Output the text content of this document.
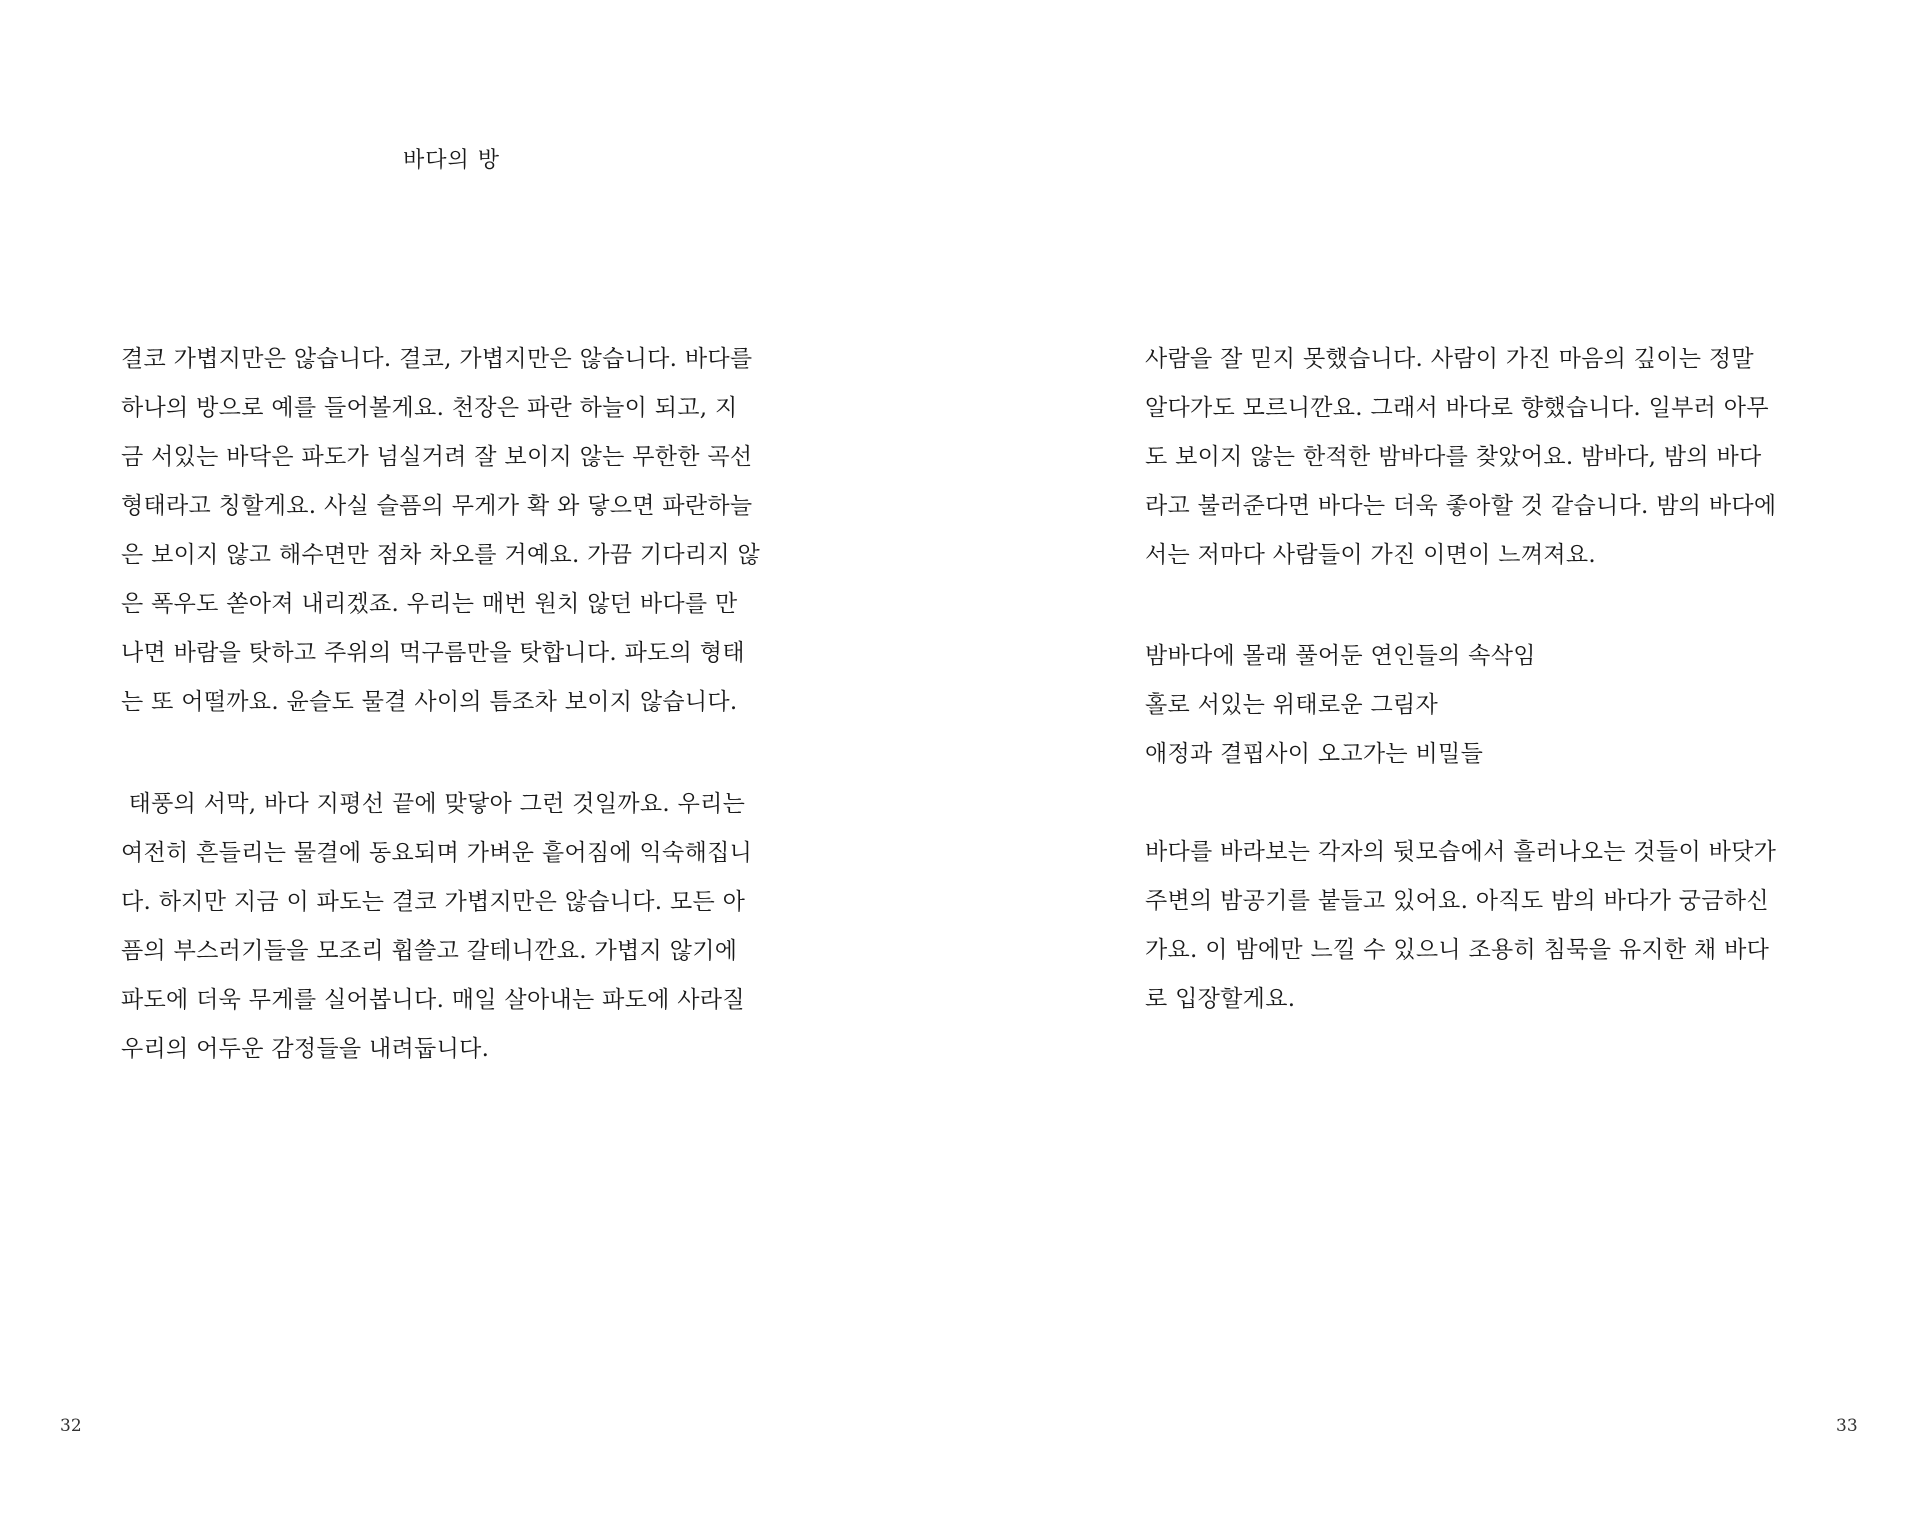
바다의 방
결코 가볍지만은 않습니다. 결코, 가볍지만은 않습니다. 바다를
하나의 방으로 예를 들어볼게요. 천장은 파란 하늘이 되고, 지
금 서있는 바닥은 파도가 넘실거려 잘 보이지 않는 무한한 곡선
형태라고 칭할게요. 사실 슬픔의 무게가 확 와 닿으면 파란하늘
은 보이지 않고 해수면만 점차 차오를 거예요. 가끔 기다리지 않
은 폭우도 쏟아져 내리겠죠. 우리는 매번 원치 않던 바다를 만
나면 바람을 탓하고 주위의 먹구름만을 탓합니다. 파도의 형태
는 또 어떨까요. 윤슬도 물결 사이의 틈조차 보이지 않습니다.
태풍의 서막, 바다 지평선 끝에 맞닿아 그런 것일까요. 우리는
여전히 흔들리는 물결에 동요되며 가벼운 흩어짐에 익숙해집니
다. 하지만 지금 이 파도는 결코 가볍지만은 않습니다. 모든 아
픔의 부스러기들을 모조리 휩쓸고 갈테니깐요. 가볍지 않기에
파도에 더욱 무게를 실어봅니다. 매일 살아내는 파도에 사라질
우리의 어두운 감정들을 내려둡니다.
32
사람을 잘 믿지 못했습니다. 사람이 가진 마음의 깊이는 정말
알다가도 모르니깐요. 그래서 바다로 향했습니다. 일부러 아무
도 보이지 않는 한적한 밤바다를 찾았어요. 밤바다, 밤의 바다
라고 불러준다면 바다는 더욱 좋아할 것 같습니다. 밤의 바다에
서는 저마다 사람들이 가진 이면이 느껴져요.
밤바다에 몰래 풀어둔 연인들의 속삭임
홀로 서있는 위태로운 그림자
애정과 결핍사이 오고가는 비밀들
바다를 바라보는 각자의 뒷모습에서 흘러나오는 것들이 바닷가
주변의 밤공기를 붙들고 있어요. 아직도 밤의 바다가 궁금하신
가요. 이 밤에만 느낄 수 있으니 조용히 침묵을 유지한 채 바다
로 입장할게요.
33
